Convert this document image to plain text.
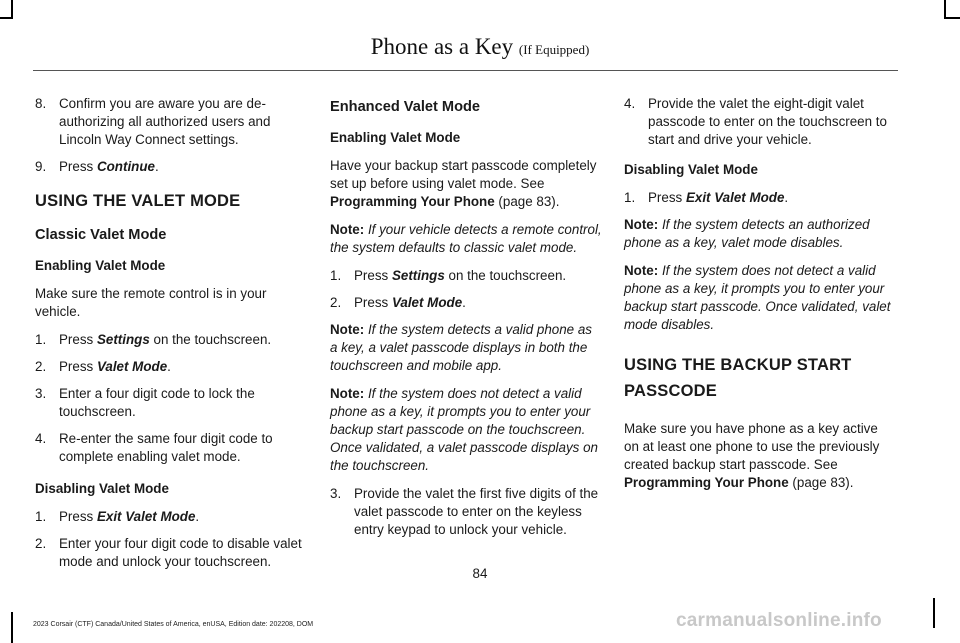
Phone as a Key (If Equipped)
8. Confirm you are aware you are de-authorizing all authorized users and Lincoln Way Connect settings.
9. Press Continue.
USING THE VALET MODE
Classic Valet Mode
Enabling Valet Mode
Make sure the remote control is in your vehicle.
1. Press Settings on the touchscreen.
2. Press Valet Mode.
3. Enter a four digit code to lock the touchscreen.
4. Re-enter the same four digit code to complete enabling valet mode.
Disabling Valet Mode
1. Press Exit Valet Mode.
2. Enter your four digit code to disable valet mode and unlock your touchscreen.
Enhanced Valet Mode
Enabling Valet Mode
Have your backup start passcode completely set up before using valet mode. See Programming Your Phone (page 83).
Note: If your vehicle detects a remote control, the system defaults to classic valet mode.
1. Press Settings on the touchscreen.
2. Press Valet Mode.
Note: If the system detects a valid phone as a key, a valet passcode displays in both the touchscreen and mobile app.
Note: If the system does not detect a valid phone as a key, it prompts you to enter your backup start passcode on the touchscreen. Once validated, a valet passcode displays on the touchscreen.
3. Provide the valet the first five digits of the valet passcode to enter on the keyless entry keypad to unlock your vehicle.
4. Provide the valet the eight-digit valet passcode to enter on the touchscreen to start and drive your vehicle.
Disabling Valet Mode
1. Press Exit Valet Mode.
Note: If the system detects an authorized phone as a key, valet mode disables.
Note: If the system does not detect a valid phone as a key, it prompts you to enter your backup start passcode. Once validated, valet mode disables.
USING THE BACKUP START
PASSCODE
Make sure you have phone as a key active on at least one phone to use the previously created backup start passcode. See Programming Your Phone (page 83).
84
2023 Corsair (CTF) Canada/United States of America, enUSA, Edition date: 202208, DOM	carmanualsonline.info
